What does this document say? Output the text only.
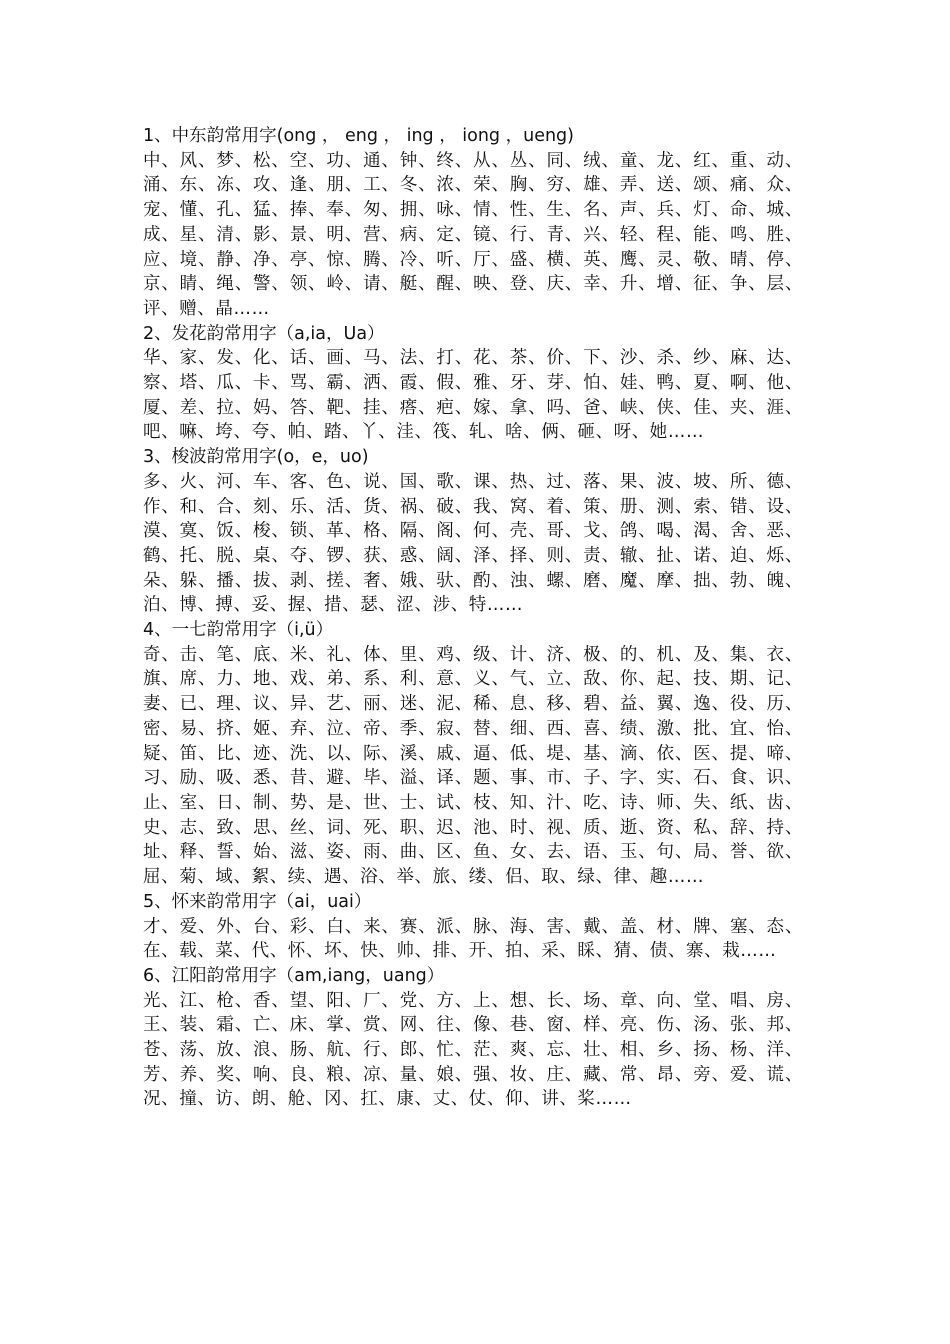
1、中东韵常用字(ong ， eng ， ing ， iong ，ueng)
中、风、梦、松、空、功、通、钟、终、从、丛、同、绒、童、龙、红、重、动、涌、东、冻、攻、逢、朋、工、冬、浓、荣、胸、穷、雄、弄、送、颂、痛、众、宠、懂、孔、猛、捧、奉、匆、拥、咏、情、性、生、名、声、兵、灯、命、城、成、星、清、影、景、明、营、病、定、镜、行、青、兴、轻、程、能、鸣、胜、应、境、静、净、亭、惊、腾、冷、听、厅、盛、横、英、鹰、灵、敬、晴、停、京、睛、绳、警、领、岭、请、艇、醒、映、登、庆、幸、升、增、征、争、层、评、赠、晶……
2、发花韵常用字（a,ia，Ua）
华、家、发、化、话、画、马、法、打、花、茶、价、下、沙、杀、纱、麻、达、察、塔、瓜、卡、骂、霸、洒、霞、假、雅、牙、芽、怕、娃、鸭、夏、啊、他、厦、差、拉、妈、答、靶、挂、瘩、疤、嫁、拿、吗、爸、峡、侠、佳、夹、涯、吧、嘛、垮、夸、帕、踏、丫、洼、筏、轧、啥、俩、砸、呀、她……
3、梭波韵常用字(o，e，uo)
多、火、河、车、客、色、说、国、歌、课、热、过、落、果、波、坡、所、德、作、和、合、刻、乐、活、货、祸、破、我、窝、着、策、册、测、索、错、设、漠、寞、饭、梭、锁、革、格、隔、阁、何、壳、哥、戈、鸽、喝、渴、舍、恶、鹤、托、脱、桌、夺、锣、获、惑、阔、泽、择、则、责、辙、扯、诺、迫、烁、朵、躲、播、拔、剥、搓、奢、娥、驮、酌、浊、螺、磨、魔、摩、拙、勃、魄、泊、博、搏、妥、握、措、瑟、涩、涉、特……
4、一七韵常用字（i,ü）
奇、击、笔、底、米、礼、体、里、鸡、级、计、济、极、的、机、及、集、衣、旗、席、力、地、戏、弟、系、利、意、义、气、立、敌、你、起、技、期、记、妻、已、理、议、异、艺、丽、迷、泥、稀、息、移、碧、益、翼、逸、役、历、密、易、挤、姬、弃、泣、帝、季、寂、替、细、西、喜、绩、激、批、宜、怡、疑、笛、比、迹、洗、以、际、溪、戚、逼、低、堤、基、滴、依、医、提、啼、习、励、吸、悉、昔、避、毕、溢、译、题、事、市、子、字、实、石、食、识、止、室、日、制、势、是、世、士、试、枝、知、汁、吃、诗、师、失、纸、齿、史、志、致、思、丝、词、死、职、迟、池、时、视、质、逝、资、私、辞、持、址、释、誓、始、滋、姿、雨、曲、区、鱼、女、去、语、玉、句、局、誉、欲、屈、菊、域、絮、续、遇、浴、举、旅、缕、侣、取、绿、律、趣……
5、怀来韵常用字（ai，uai）
才、爱、外、台、彩、白、来、赛、派、脉、海、害、戴、盖、材、牌、塞、态、在、载、菜、代、怀、坏、快、帅、排、开、拍、采、睬、猜、债、寨、栽……
6、江阳韵常用字（am,iang，uang）
光、江、枪、香、望、阳、厂、党、方、上、想、长、场、章、向、堂、唱、房、王、装、霜、亡、床、掌、赏、网、往、像、巷、窗、样、亮、伤、汤、张、邦、苍、荡、放、浪、肠、航、行、郎、忙、茫、爽、忘、壮、相、乡、扬、杨、洋、芳、养、奖、响、良、粮、凉、量、娘、强、妆、庄、藏、常、昂、旁、爱、谎、况、撞、访、朗、舱、冈、扛、康、丈、仗、仰、讲、桨……
